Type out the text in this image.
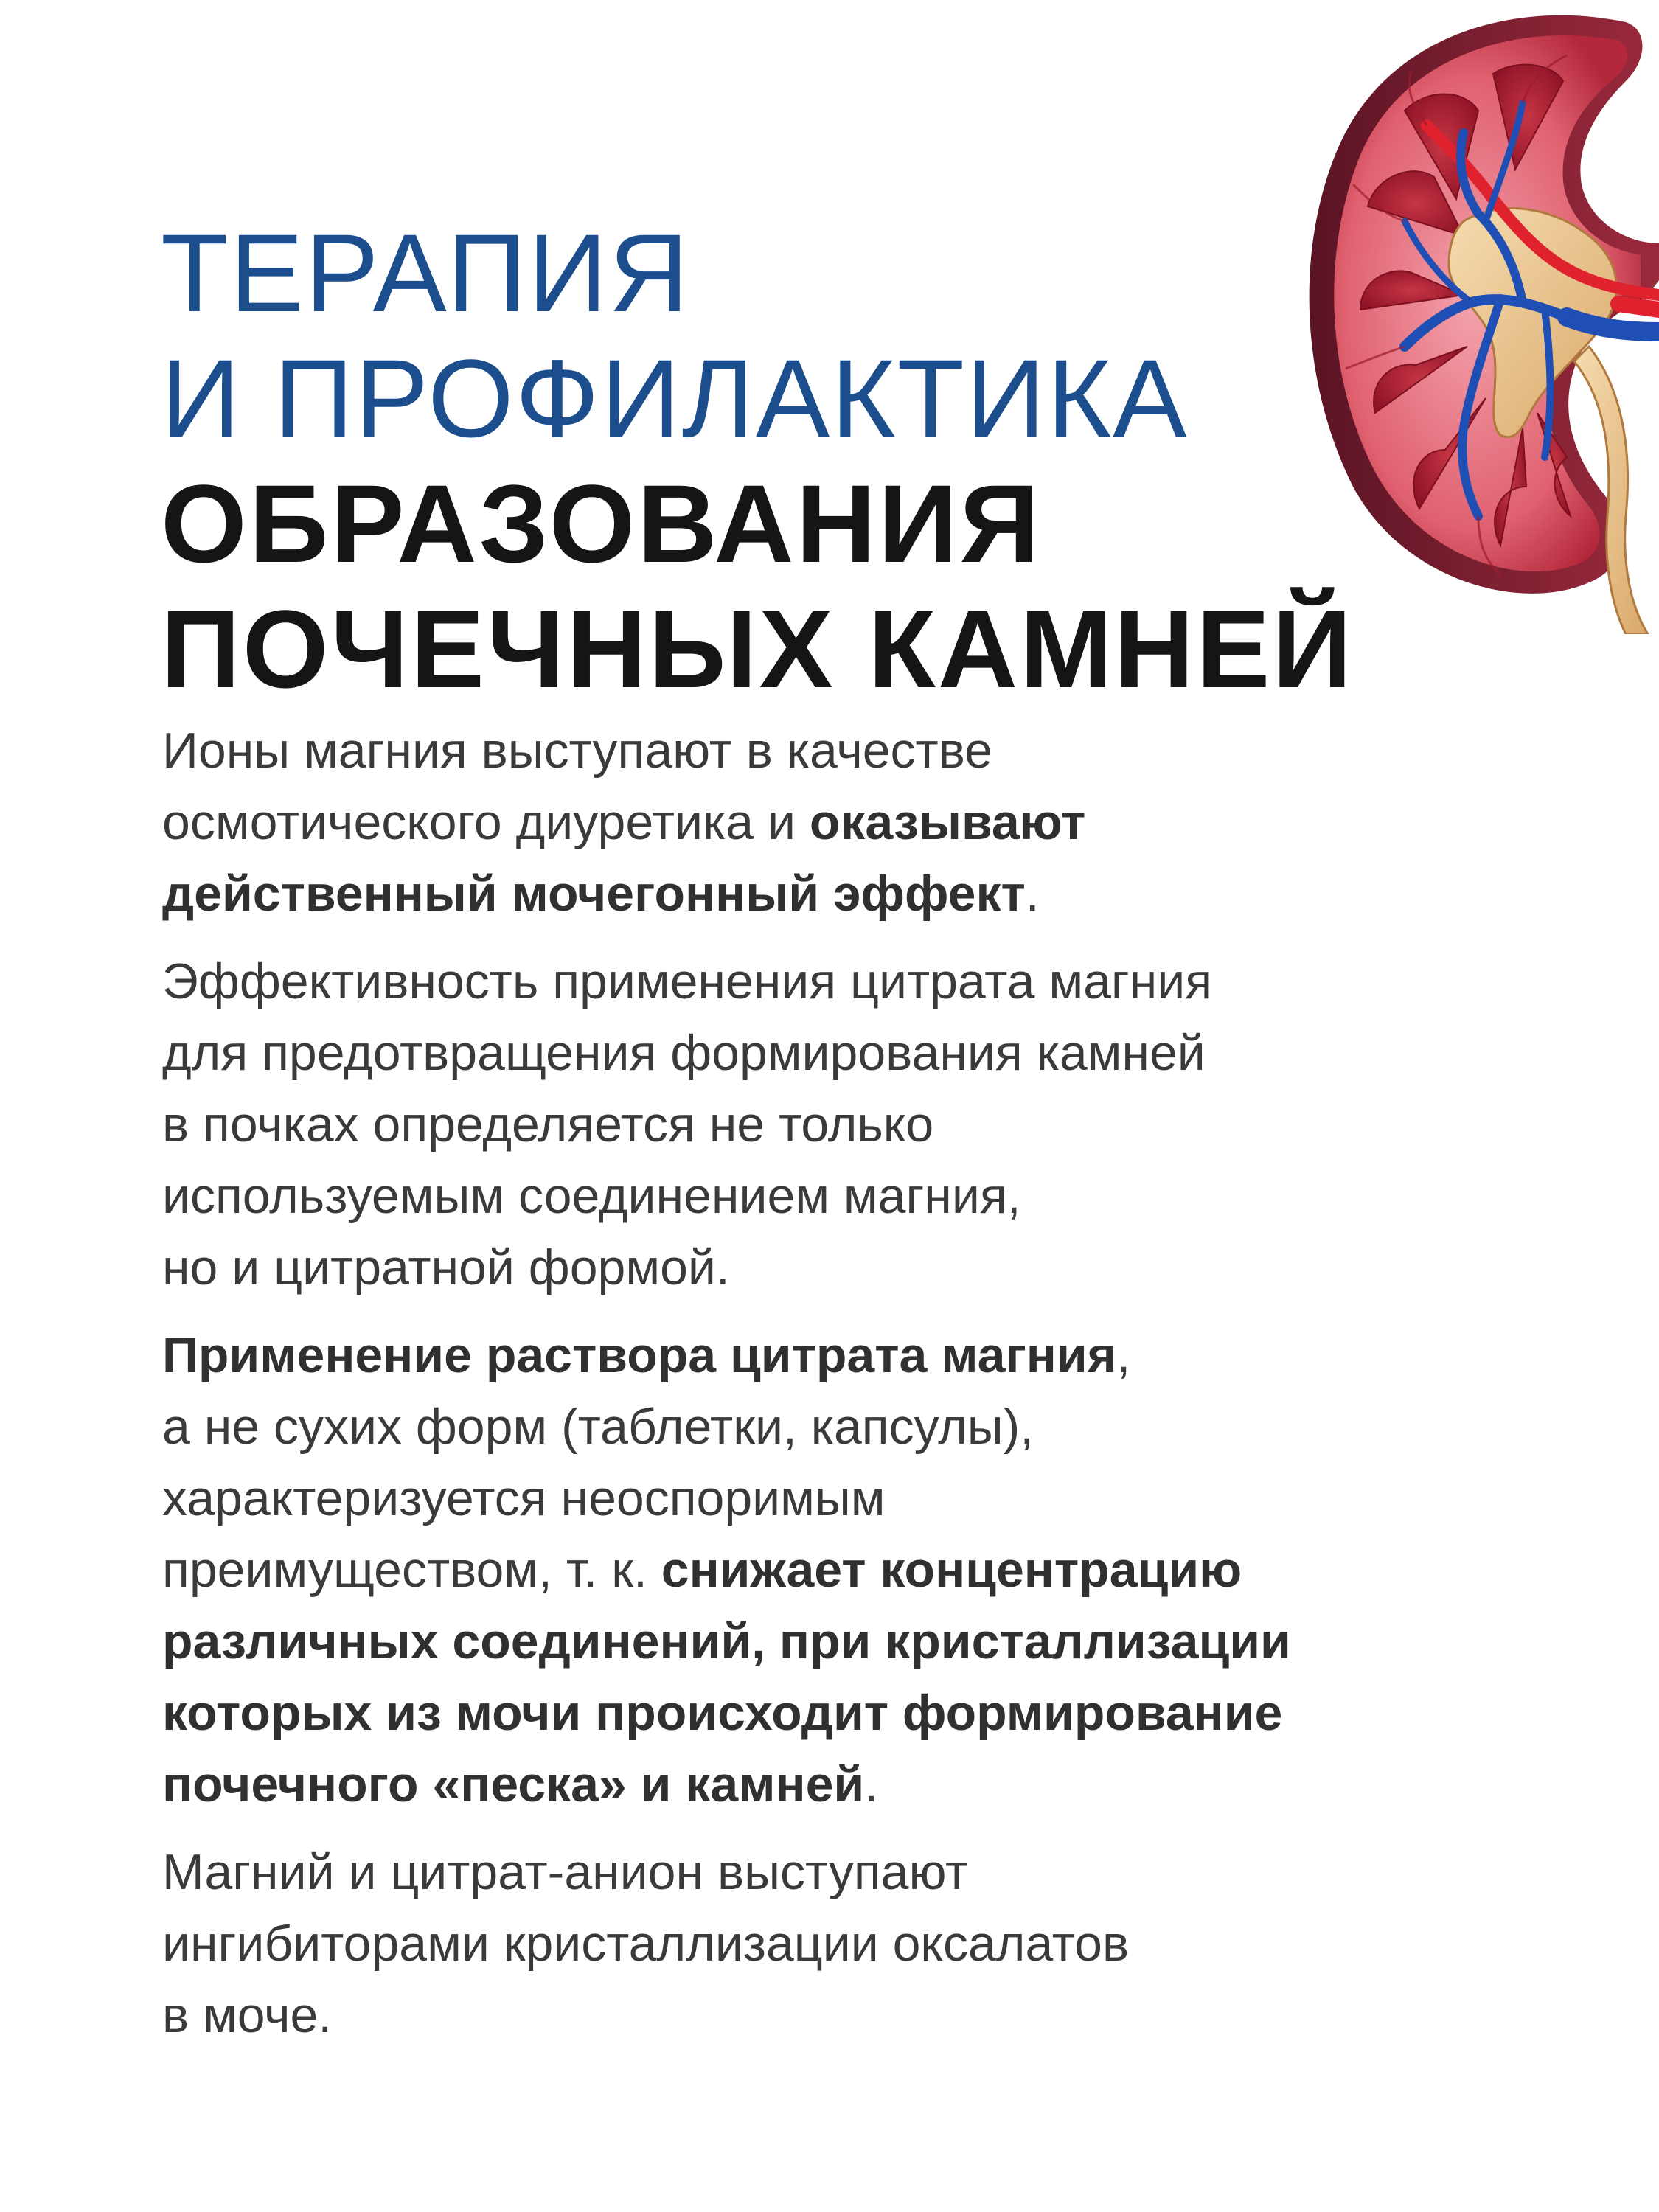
ТЕРАПИЯ
И ПРОФИЛАКТИКА
ОБРАЗОВАНИЯ
ПОЧЕЧНЫХ КАМНЕЙ

Ионы магния выступают в качестве
осмотического диуретика и оказывают
действенный мочегонный эффект.

Эффективность применения цитрата магния
для предотвращения формирования камней
в почках определяется не только
используемым соединением магния,
но и цитратной формой.

Применение раствора цитрата магния,
а не сухих форм (таблетки, капсулы),
характеризуется неоспоримым
преимуществом, т. к. снижает концентрацию
различных соединений, при кристаллизации
которых из мочи происходит формирование
почечного «песка» и камней.

Магний и цитрат-анион выступают
ингибиторами кристаллизации оксалатов
в моче.
